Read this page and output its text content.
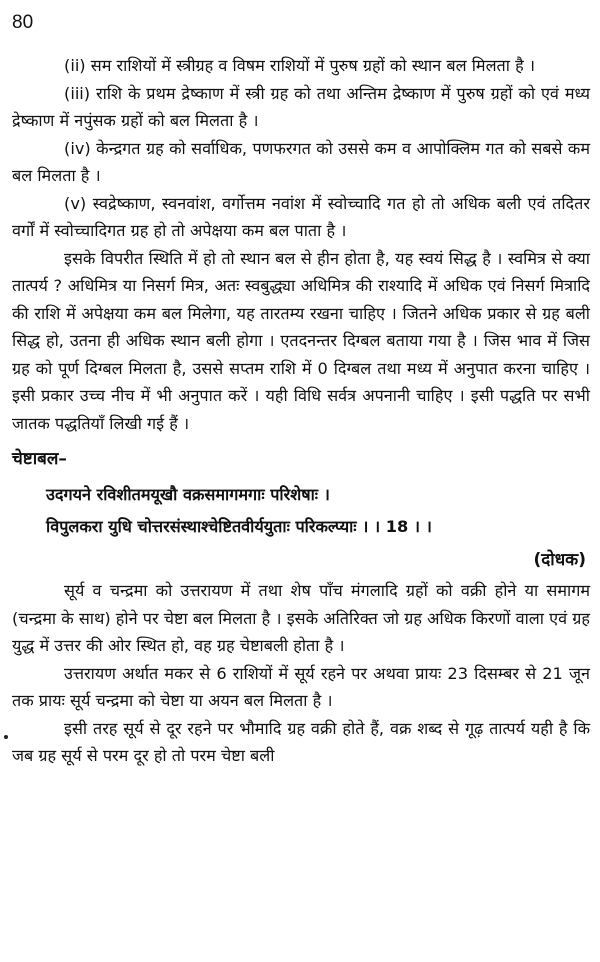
80

(ii) सम राशियों में स्त्रीग्रह व विषम राशियों में पुरुष ग्रहों को स्थान बल मिलता है ।

(iii) राशि के प्रथम द्रेष्काण में स्त्री ग्रह को तथा अन्तिम द्रेष्काण में पुरुष ग्रहों को एवं मध्य द्रेष्काण में नपुंसक ग्रहों को बल मिलता है ।

(iv) केन्द्रगत ग्रह को सर्वाधिक, पणफरगत को उससे कम व आपोक्लिम गत को सबसे कम बल मिलता है ।

(v) स्वद्रेष्काण, स्वनवांश, वर्गोत्तम नवांश में स्वोच्चादि गत हो तो अधिक बली एवं तदितर वर्गों में स्वोच्चादिगत ग्रह हो तो अपेक्षया कम बल पाता है ।

इसके विपरीत स्थिति में हो तो स्थान बल से हीन होता है, यह स्वयं सिद्ध है । स्वमित्र से क्या तात्पर्य ? अधिमित्र या निसर्ग मित्र, अतः स्वबुद्ध्या अधिमित्र की राश्यादि में अधिक एवं निसर्ग मित्रादि की राशि में अपेक्षया कम बल मिलेगा, यह तारतम्य रखना चाहिए । जितने अधिक प्रकार से ग्रह बली सिद्ध हो, उतना ही अधिक स्थान बली होगा । एतदनन्तर दिग्बल बताया गया है । जिस भाव में जिस ग्रह को पूर्ण दिग्बल मिलता है, उससे सप्तम राशि में 0 दिग्बल तथा मध्य में अनुपात करना चाहिए । इसी प्रकार उच्च नीच में भी अनुपात करें । यही विधि सर्वत्र अपनानी चाहिए । इसी पद्धति पर सभी जातक पद्धतियाँ लिखी गई हैं ।

चेष्टाबल–

उदगयने रविशीतमयूखौ वक्रसमागमगाः परिशेषाः ।

विपुलकरा युधि चोत्तरसंस्थाश्चेष्टितवीर्ययुताः परिकल्प्याः । । 18 । ।

(दोधक)

सूर्य व चन्द्रमा को उत्तरायण में तथा शेष पाँच मंगलादि ग्रहों को वक्री होने या समागम (चन्द्रमा के साथ) होने पर चेष्टा बल मिलता है । इसके अतिरिक्त जो ग्रह अधिक किरणों वाला एवं ग्रह युद्ध में उत्तर की ओर स्थित हो, वह ग्रह चेष्टाबली होता है ।

उत्तरायण अर्थात मकर से 6 राशियों में सूर्य रहने पर अथवा प्रायः 23 दिसम्बर से 21 जून तक प्रायः सूर्य चन्द्रमा को चेष्टा या अयन बल मिलता है ।

इसी तरह सूर्य से दूर रहने पर भौमादि ग्रह वक्री होते हैं, वक्र शब्द से गूढ़ तात्पर्य यही है कि जब ग्रह सूर्य से परम दूर हो तो परम चेष्टा बली
